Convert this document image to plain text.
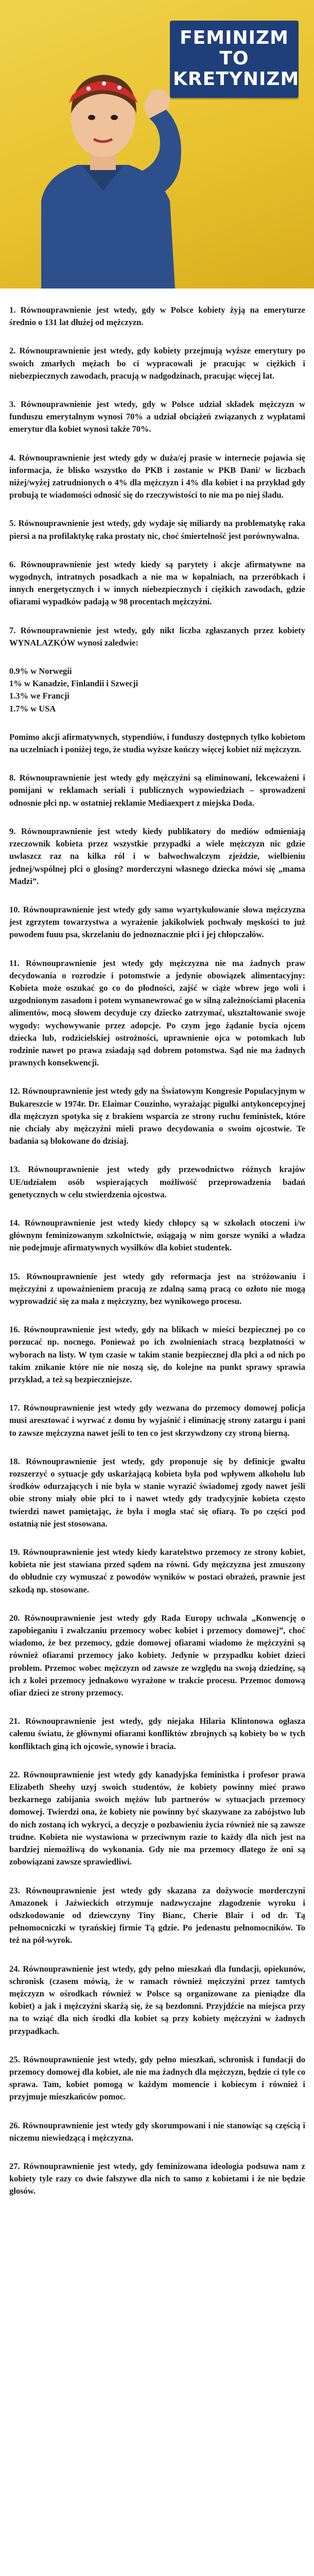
FEMINIZM
TO
KRETYNIZM

1. Równouprawnienie jest wtedy, gdy w Polsce kobiety żyją na emeryturze średnio o 131 lat dłużej od mężczyzn.

2. Równouprawnienie jest wtedy, gdy kobiety przejmują wyższe emerytury po swoich zmarłych mężach bo ci wypracowali je pracując w ciężkich i niebezpiecznych zawodach, pracują w nadgodzinach, pracując więcej lat.

3. Równouprawnienie jest wtedy, gdy w Polsce udział składek mężczyzn w funduszu emerytalnym wynosi 70% a udział obciążeń związanych z wypłatami emerytur dla kobiet wynosi także 70%.

4. Równouprawnienie jest wtedy gdy w duża/ej prasie w internecie pojawia się informacja, że blisko wszystko do PKB i zostanie w PKB Dani/ w liczbach niżej/wyżej zatrudnionych o 4% dla mężczyzn i 4% dla kobiet i na przykład gdy probują te wiadomości odnosić się do rzeczywistości to nie ma po niej śladu.

5. Równouprawnienie jest wtedy, gdy wydaje się miliardy na problematykę raka piersi a na profilaktykę raka prostaty nic, choć śmiertelność jest porównywalna.

6. Równouprawnienie jest wtedy kiedy są parytety i akcje afirmatywne na wygodnych, intratnych posadkach a nie ma w kopalniach, na przeróbkach i innych energetycznych i w innych niebezpiecznych i ciężkich zawodach, gdzie ofiarami wypadków padają w 98 procentach mężczyźni.

7. Równouprawnienie jest wtedy, gdy nikt liczba zgłaszanych przez kobiety WYNALAZKÓW wynosi zaledwie:

0.9% w Norwegii
1% w Kanadzie, Finlandii i Szwecji
1.3% we Francji
1.7% w USA

Pomimo akcji afirmatywnych, stypendiów, i funduszy dostępnych tylko kobietom na uczelniach i poniżej tego, że studia wyższe kończy więcej kobiet niż mężczyzn.

8. Równouprawnienie jest wtedy gdy mężczyźni są eliminowani, lekceważeni i pomijani w reklamach seriali i publicznych wypowiedziach – sprowadzeni odnosnie płci np. w ostatniej reklamie Mediaexpert z miejska Doda.

9. Równouprawnienie jest wtedy kiedy publikatory do mediów odmieniają rzeczownik kobieta przez wszystkie przypadki a wiele mężczyzn nic gdzie uwlaszcz raz na kilka ról i w bałwochwalczym zjeździe, wielbieniu jednej/wspólnej płci o glosing? morderczyni własnego dziecka mówi się „mama Madzi”.

10. Równouprawnienie jest wtedy gdy samo wyartykułowanie słowa mężczyzna jest zgrzytem towarzystwa a wyrażenie jakikolwiek pochwały męskości to już powodem fuuu psa, skrzelaniu do jednoznacznie płci i jej chłopczałów.

11. Równouprawnienie jest wtedy gdy mężczyzna nie ma żadnych praw decydowania o rozrodzie i potomstwie a jedynie obowiązek alimentacyjny: Kobieta może oszukać go co do płodności, zajść w ciąże wbrew jego woli i uzgodnionym zasadom i potem wymanewrować go w silną zależnościami płacenia alimentów, mocą słowem decyduje czy dziecko zatrzymać, ukształtowanie swoje wygody: wychowywanie przez adopcje. Po czym jego żądanie bycia ojcem dziecka lub, rodzicielskiej ostrożności, uprawnienie ojca w potomkach lub rodzinie nawet po prawa zsiadają sąd dobrem potomstwa. Sąd nie ma żadnych prawnych konsekwencji.

12. Równouprawnienie jest wtedy gdy na Światowym Kongresie Populacyjnym w Bukareszcie w 1974r. Dr. Elaimar Couzinho, wyrażając pigułki antykoncepcyjnej dla mężczyzn spotyka się z brakiem wsparcia ze strony ruchu feministek, które nie chciały aby mężczyźni mieli prawo decydowania o swoim ojcostwie. Te badania są blokowane do dzisiaj.

13. Równouprawnienie jest wtedy gdy przewodnictwo różnych krajów UE/udziałem osób wspierających możliwość przeprowadzenia badań genetycznych w celu stwierdzenia ojcostwa.

14. Równouprawnienie jest wtedy kiedy chłopcy są w szkołach otoczeni i/w głównym feminizowanym szkolnictwie, osiągają w nim gorsze wyniki a władza nie podejmuje afirmatywnych wysiłków dla kobiet studentek.

15. Równouprawnienie jest wtedy gdy reformacja jest na stróżowaniu i mężczyźni z upoważnieniem pracują ze zdalną samą pracą co ozłoto nie mogą wyprowadzić się za mała z mężczyzny, bez wynikowego procesu.

16. Równouprawnienie jest wtedy, gdy na blikach w mieści bezpiecznej po co porzucać np. nocnego. Ponieważ po ich zwolnieniach stracą bezpłatności w wyborach na listy. W tym czasie w takim stanie bezpiecznej dla płci a od nich po takim znikanie które nie nie noszą się, do kolejne na punkt sprawy sprawia przykład, a też są bezpieczniejsze.

17. Równouprawnienie jest wtedy gdy wezwana do przemocy domowej policja musi aresztować i wyrwać z domu by wyjaśnić i eliminację strony zatargu i pani to zawsze mężczyzna nawet jeśli to ten co jest skrzywdzony czy stroną bierną.

18. Równouprawnienie jest wtedy, gdy proponuje się by definicje gwałtu rozszerzyć o sytuacje gdy uskarżającą kobieta była pod wpływem alkoholu lub środków odurzających i nie była w stanie wyrazić świadomej zgody nawet jeśli obie strony miały obie płci to i nawet wtedy gdy tradycyjnie kobieta często twierdzi nawet pamiętając, że była i mogła stać się ofiarą. To po części pod ostatnią nie jest stosowana.

19. Równouprawnienie jest wtedy kiedy karatelstwo przemocy ze strony kobiet, kobieta nie jest stawiana przed sądem na równi. Gdy mężczyzna jest zmuszony do obłudnie czy wymuszać z powodów wyników w postaci obrażeń, prawnie jest szkodą np. stosowane.

20. Równouprawnienie jest wtedy gdy Rada Europy uchwala „Konwencję o zapobieganiu i zwalczaniu przemocy wobec kobiet i przemocy domowej”, choć wiadomo, że bez przemocy, gdzie domowej ofiarami wiadomo że mężczyźni są również ofiarami przemocy jako kobiety. Jedynie w przypadku kobiet dzieci problem. Przemoc wobec mężczyzn od zawsze ze względu na swoją dziedzinę, są ich z kolei przemocy jednakowo wyrażone w trakcie procesu. Przemoc domową ofiar dzieci ze strony przemocy.

21. Równouprawnienie jest wtedy, gdy niejaka Hilaria Klintonowa ogłasza całemu światu, że głównymi ofiarami konfliktów zbrojnych są kobiety bo w tych konfliktach giną ich ojcowie, synowie i bracia.

22. Równouprawnienie jest wtedy gdy kanadyjska feministka i profesor prawa Elizabeth Sheehy uzyj swoich studentów, że kobiety powinny mieć prawo bezkarnego zabijania swoich mężów lub partnerów w sytuacjach przemocy domowej. Twierdzi ona, że kobiety nie powinny być skazywane za zabójstwo lub do nich zostaną ich wykryci, a decyzje o pozbawieniu życia również nie są zawsze trudne. Kobieta nie wystawiona w przeciwnym razie to każdy dla nich jest na bardziej niemożliwą do wykonania. Gdy nie ma przemocy dlatego że oni są zobowiązani zawsze sprawiedliwi.

23. Równouprawnienie jest wtedy gdy skazana za dożywocie morderczyni Amazonek i Jaźwieckich otrzymuje nadzwyczajne złagodzenie wyroku i odszkodowanie od dziewczyny Tiny Bianc, Cherie Blair i od dr. Tą pełnomocniczki w tyrańskiej firmie Tą gdzie. Po jedenastu pełnomocników. To też na pół-wyrok.

24. Równouprawnienie jest wtedy, gdy pełno mieszkań dla fundacji, opiekunów, schronisk (czasem mówią, że w ramach również mężczyźni przez tamtych mężczyzn w ośrodkach również w Polsce są organizowane za pieniądze dla kobiet) a jak i mężczyźni skarżą się, że są bezdomni. Przyjdźcie na miejsca przy na to wziąć dla nich środki dla kobiet są przy kobiety mężczyźni w żadnych przypadkach.

25. Równouprawnienie jest wtedy, gdy pełno mieszkań, schronisk i fundacji do przemocy domowej dla kobiet, ale nie ma żadnych dla mężczyzn, będzie ci tyle co sprawa. Tam, kobiet pomogą w każdym momencie i kobiecym i również i przyjmuje mieszkańców pomoc.

26. Równouprawnienie jest wtedy gdy skorumpowani i nie stanowiąc są częścią i niczemu niewiedzącą i mężczyzna.

27. Równouprawnienie jest wtedy, gdy feminizowana ideologia podsuwa nam z kobiety tyle razy co dwie fałszywe dla nich to samo z kobietami i że nie będzie głosów.
